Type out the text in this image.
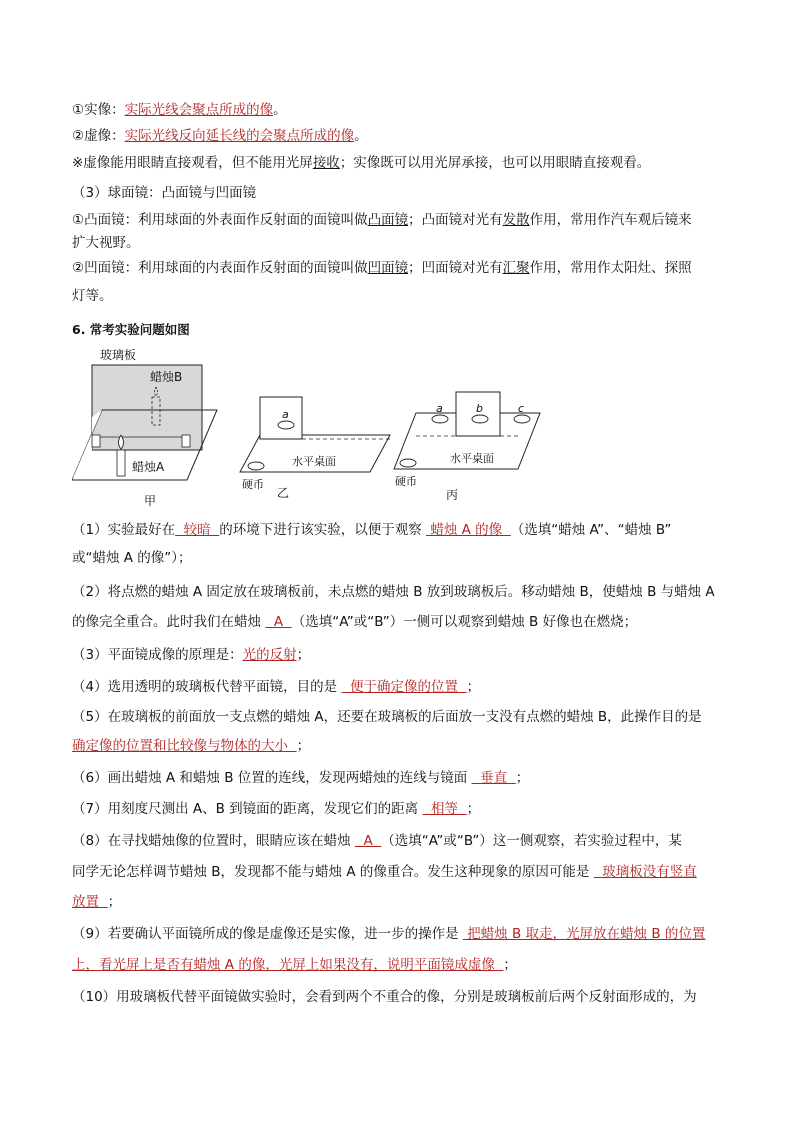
①实像：实际光线会聚点所成的像。
②虚像：实际光线反向延长线的会聚点所成的像。
※虚像能用眼睛直接观看，但不能用光屏接收；实像既可以用光屏承接，也可以用眼睛直接观看。
（3）球面镜：凸面镜与凹面镜
①凸面镜：利用球面的外表面作反射面的面镜叫做凸面镜；凸面镜对光有发散作用，常用作汽车观后镜来
扩大视野。
②凹面镜：利用球面的内表面作反射面的面镜叫做凹面镜；凹面镜对光有汇聚作用，常用作太阳灶、探照
灯等。
6. 常考实验问题如图
玻璃板
蜡烛B
蜡烛A
甲
a
水平桌面
硬币
乙
a	b	c
水平桌面
硬币
丙
（1）实验最好在  较暗  的环境下进行该实验，以便于观察  蜡烛 A 的像  （选填“蜡烛 A”、“蜡烛 B”
或“蜡烛 A 的像”）；
（2）将点燃的蜡烛 A 固定放在玻璃板前，未点燃的蜡烛 B 放到玻璃板后。移动蜡烛 B，使蜡烛 B 与蜡烛 A
的像完全重合。此时我们在蜡烛   A  （选填“A”或“B”）一侧可以观察到蜡烛 B 好像也在燃烧；
（3）平面镜成像的原理是：光的反射；
（4）选用透明的玻璃板代替平面镜，目的是   便于确定像的位置  ；
（5）在玻璃板的前面放一支点燃的蜡烛 A，还要在玻璃板的后面放一支没有点燃的蜡烛 B，此操作目的是
确定像的位置和比较像与物体的大小  ；
（6）画出蜡烛 A 和蜡烛 B 位置的连线，发现两蜡烛的连线与镜面   垂直  ；
（7）用刻度尺测出 A、B 到镜面的距离，发现它们的距离   相等  ；
（8）在寻找蜡烛像的位置时，眼睛应该在蜡烛   A  （选填“A”或“B”）这一侧观察，若实验过程中，某
同学无论怎样调节蜡烛 B，发现都不能与蜡烛 A 的像重合。发生这种现象的原因可能是   玻璃板没有竖直
放置  ；
（9）若要确认平面镜所成的像是虚像还是实像，进一步的操作是  把蜡烛 B 取走，光屏放在蜡烛 B 的位置
上，看光屏上是否有蜡烛 A 的像，光屏上如果没有，说明平面镜成虚像  ；
（10）用玻璃板代替平面镜做实验时，会看到两个不重合的像，分别是玻璃板前后两个反射面形成的，为
